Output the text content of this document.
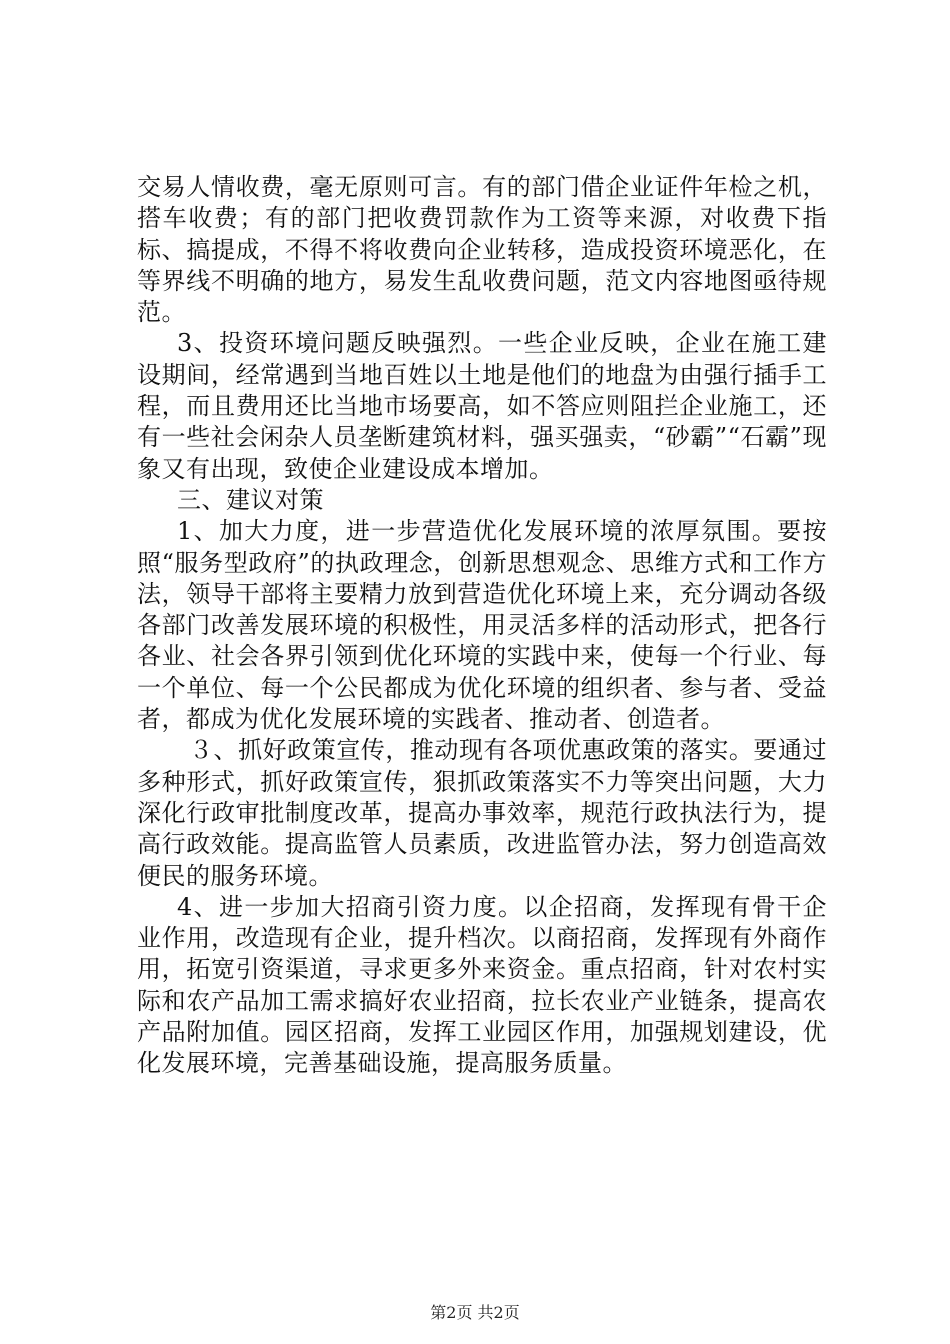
交易人情收费，毫无原则可言。有的部门借企业证件年检之机，搭车收费；有的部门把收费罚款作为工资等来源，对收费下指标、搞提成，不得不将收费向企业转移，造成投资环境恶化，在等界线不明确的地方，易发生乱收费问题，范文内容地图亟待规范。

3、投资环境问题反映强烈。一些企业反映，企业在施工建设期间，经常遇到当地百姓以土地是他们的地盘为由强行插手工程，而且费用还比当地市场要高，如不答应则阻拦企业施工，还有一些社会闲杂人员垄断建筑材料，强买强卖，“砂霸”“石霸”现象又有出现，致使企业建设成本增加。

三、建议对策

1、加大力度，进一步营造优化发展环境的浓厚氛围。要按照“服务型政府”的执政理念，创新思想观念、思维方式和工作方法，领导干部将主要精力放到营造优化环境上来，充分调动各级各部门改善发展环境的积极性，用灵活多样的活动形式，把各行各业、社会各界引领到优化环境的实践中来，使每一个行业、每一个单位、每一个公民都成为优化环境的组织者、参与者、受益者，都成为优化发展环境的实践者、推动者、创造者。

３、抓好政策宣传，推动现有各项优惠政策的落实。要通过多种形式，抓好政策宣传，狠抓政策落实不力等突出问题，大力深化行政审批制度改革，提高办事效率，规范行政执法行为，提高行政效能。提高监管人员素质，改进监管办法，努力创造高效便民的服务环境。

4、进一步加大招商引资力度。以企招商，发挥现有骨干企业作用，改造现有企业，提升档次。以商招商，发挥现有外商作用，拓宽引资渠道，寻求更多外来资金。重点招商，针对农村实际和农产品加工需求搞好农业招商，拉长农业产业链条，提高农产品附加值。园区招商，发挥工业园区作用，加强规划建设，优化发展环境，完善基础设施，提高服务质量。

第2页 共2页
